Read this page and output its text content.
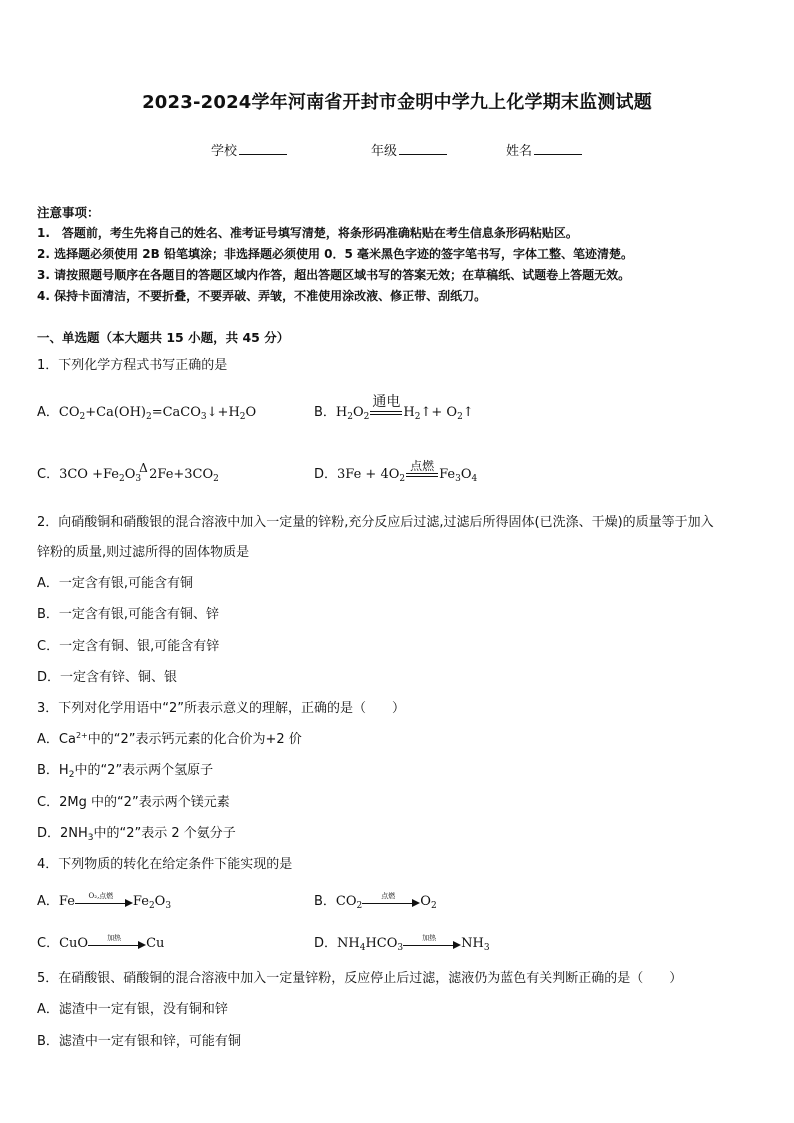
2023-2024学年河南省开封市金明中学九上化学期末监测试题
学校	年级	姓名
注意事项：
1.　答题前，考生先将自己的姓名、准考证号填写清楚，将条形码准确粘贴在考生信息条形码粘贴区。
2. 选择题必须使用 2B 铅笔填涂；非选择题必须使用 0．5 毫米黑色字迹的签字笔书写，字体工整、笔迹清楚。
3. 请按照题号顺序在各题目的答题区域内作答，超出答题区域书写的答案无效；在草稿纸、试题卷上答题无效。
4. 保持卡面清洁，不要折叠，不要弄破、弄皱，不准使用涂改液、修正带、刮纸刀。
一、单选题（本大题共 15 小题，共 45 分）
1．下列化学方程式书写正确的是
A．$CO_2+Ca(OH)_2=CaCO_3↓+H_2O$	B．$H_2O_2$
通电
$H_2↑+$ $O_2↑$
C．$3CO +Fe_2O_3$
Δ $2Fe+3CO_2$	D．$3Fe + 4O_2$
点燃
$Fe_3O_4$
2．向硝酸铜和硝酸银的混合溶液中加入一定量的锌粉,充分反应后过滤,过滤后所得固体(已洗涤、干燥)的质量等于加入
锌粉的质量,则过滤所得的固体物质是
A．一定含有银,可能含有铜
B．一定含有银,可能含有铜、锌
C．一定含有铜、银,可能含有锌
D．一定含有锌、铜、银
3．下列对化学用语中“2”所表示意义的理解，正确的是（　　）
A．$Ca^{2+}$中的“2”表示钙元素的化合价为+2 价
B．$H_2$中的“2”表示两个氢原子
C．2Mg 中的“2”表示两个镁元素
D．$2NH_3$中的“2”表示 2 个氨分子
4．下列物质的转化在给定条件下能实现的是
A．Fe	O₂,点燃	$Fe_2O_3$	B．$CO_2$
点燃	$O_2$
C．CuO	加热	Cu	D．$NH_4HCO_3$
加热	$NH_3$
5．在硝酸银、硝酸铜的混合溶液中加入一定量锌粉，反应停止后过滤，滤液仍为蓝色有关判断正确的是（　　）
A．滤渣中一定有银，没有铜和锌
B．滤渣中一定有银和锌，可能有铜
